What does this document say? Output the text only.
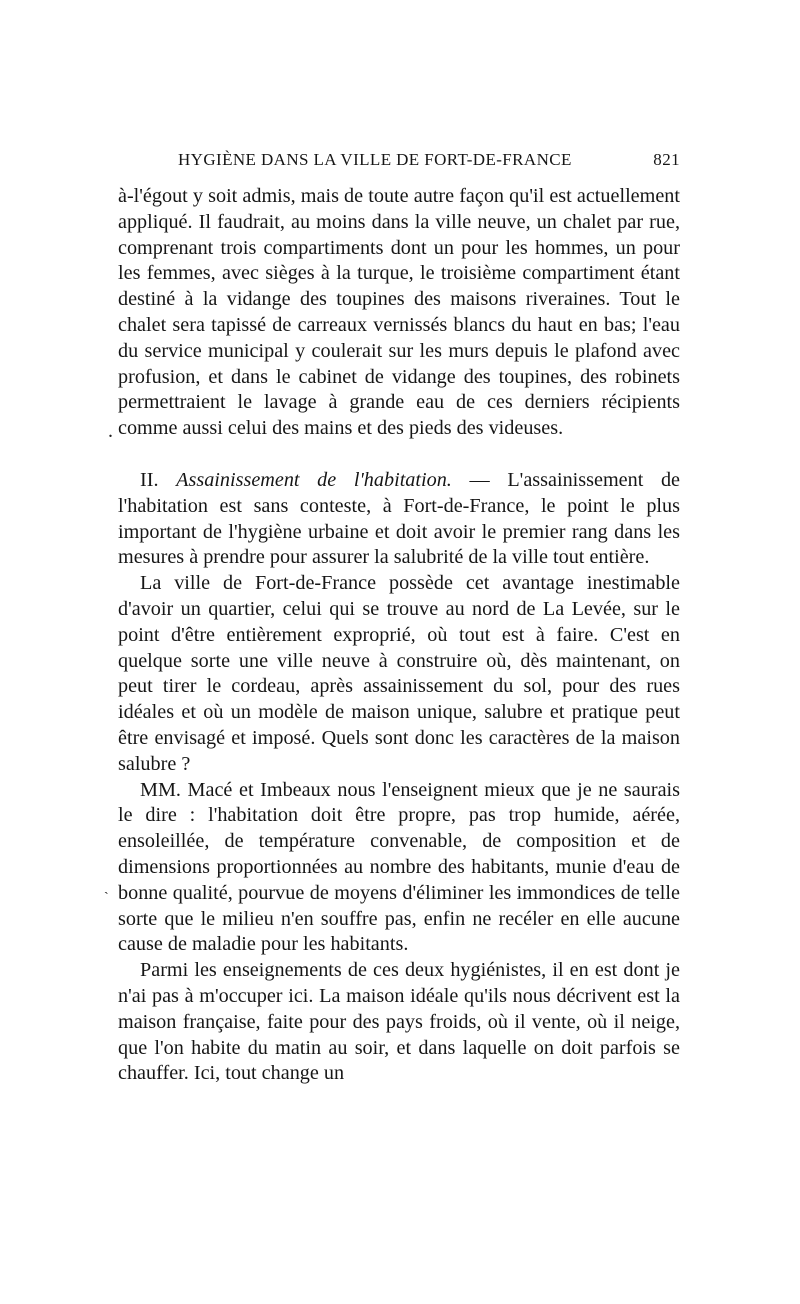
HYGIÈNE DANS LA VILLE DE FORT-DE-FRANCE	821

à-l'égout y soit admis, mais de toute autre façon qu'il est actuellement appliqué. Il faudrait, au moins dans la ville neuve, un chalet par rue, comprenant trois compartiments dont un pour les hommes, un pour les femmes, avec sièges à la turque, le troisième compartiment étant destiné à la vidange des toupines des maisons riveraines. Tout le chalet sera tapissé de carreaux vernissés blancs du haut en bas; l'eau du service municipal y coulerait sur les murs depuis le plafond avec profusion, et dans le cabinet de vidange des toupines, des robinets permettraient le lavage à grande eau de ces derniers récipients comme aussi celui des mains et des pieds des videuses.

II. Assainissement de l'habitation. — L'assainissement de l'habitation est sans conteste, à Fort-de-France, le point le plus important de l'hygiène urbaine et doit avoir le premier rang dans les mesures à prendre pour assurer la salubrité de la ville tout entière.

La ville de Fort-de-France possède cet avantage inestimable d'avoir un quartier, celui qui se trouve au nord de La Levée, sur le point d'être entièrement exproprié, où tout est à faire. C'est en quelque sorte une ville neuve à construire où, dès maintenant, on peut tirer le cordeau, après assainissement du sol, pour des rues idéales et où un modèle de maison unique, salubre et pratique peut être envisagé et imposé. Quels sont donc les caractères de la maison salubre ?

MM. Macé et Imbeaux nous l'enseignent mieux que je ne saurais le dire : l'habitation doit être propre, pas trop humide, aérée, ensoleillée, de température convenable, de composition et de dimensions proportionnées au nombre des habitants, munie d'eau de bonne qualité, pourvue de moyens d'éliminer les immondices de telle sorte que le milieu n'en souffre pas, enfin ne recéler en elle aucune cause de maladie pour les habitants.

Parmi les enseignements de ces deux hygiénistes, il en est dont je n'ai pas à m'occuper ici. La maison idéale qu'ils nous décrivent est la maison française, faite pour des pays froids, où il vente, où il neige, que l'on habite du matin au soir, et dans laquelle on doit parfois se chauffer. Ici, tout change un

.
ˏ
